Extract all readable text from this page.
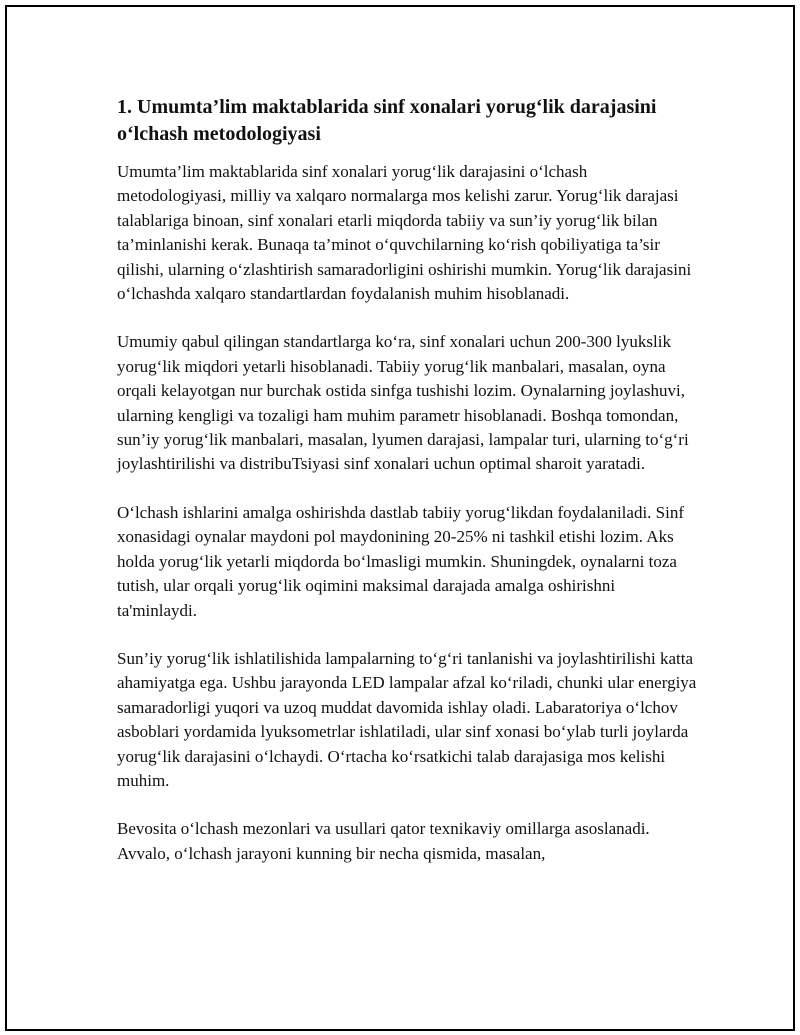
1. Umumta’lim maktablarida sinf xonalari yorug‘lik darajasini o‘lchash metodologiyasi

Umumta’lim maktablarida sinf xonalari yorug‘lik darajasini o‘lchash metodologiyasi, milliy va xalqaro normalarga mos kelishi zarur. Yorug‘lik darajasi talablariga binoan, sinf xonalari etarli miqdorda tabiiy va sun’iy yorug‘lik bilan ta’minlanishi kerak. Bunaqa ta’minot o‘quvchilarning ko‘rish qobiliyatiga ta’sir qilishi, ularning o‘zlashtirish samaradorligini oshirishi mumkin. Yorug‘lik darajasini o‘lchashda xalqaro standartlardan foydalanish muhim hisoblanadi.

Umumiy qabul qilingan standartlarga ko‘ra, sinf xonalari uchun 200-300 lyukslik yorug‘lik miqdori yetarli hisoblanadi. Tabiiy yorug‘lik manbalari, masalan, oyna orqali kelayotgan nur burchak ostida sinfga tushishi lozim. Oynalarning joylashuvi, ularning kengligi va tozaligi ham muhim parametr hisoblanadi. Boshqa tomondan, sun’iy yorug‘lik manbalari, masalan, lyumen darajasi, lampalar turi, ularning to‘g‘ri joylashtirilishi va distribuTsiyasi sinf xonalari uchun optimal sharoit yaratadi.

O‘lchash ishlarini amalga oshirishda dastlab tabiiy yorug‘likdan foydalaniladi. Sinf xonasidagi oynalar maydoni pol maydonining 20-25% ni tashkil etishi lozim. Aks holda yorug‘lik yetarli miqdorda bo‘lmasligi mumkin. Shuningdek, oynalarni toza tutish, ular orqali yorug‘lik oqimini maksimal darajada amalga oshirishni ta'minlaydi.

Sun’iy yorug‘lik ishlatilishida lampalarning to‘g‘ri tanlanishi va joylashtirilishi katta ahamiyatga ega. Ushbu jarayonda LED lampalar afzal ko‘riladi, chunki ular energiya samaradorligi yuqori va uzoq muddat davomida ishlay oladi. Labaratoriya o‘lchov asboblari yordamida lyuksometrlar ishlatiladi, ular sinf xonasi bo‘ylab turli joylarda yorug‘lik darajasini o‘lchaydi. O‘rtacha ko‘rsatkichi talab darajasiga mos kelishi muhim.

Bevosita o‘lchash mezonlari va usullari qator texnikaviy omillarga asoslanadi. Avvalo, o‘lchash jarayoni kunning bir necha qismida, masalan,
